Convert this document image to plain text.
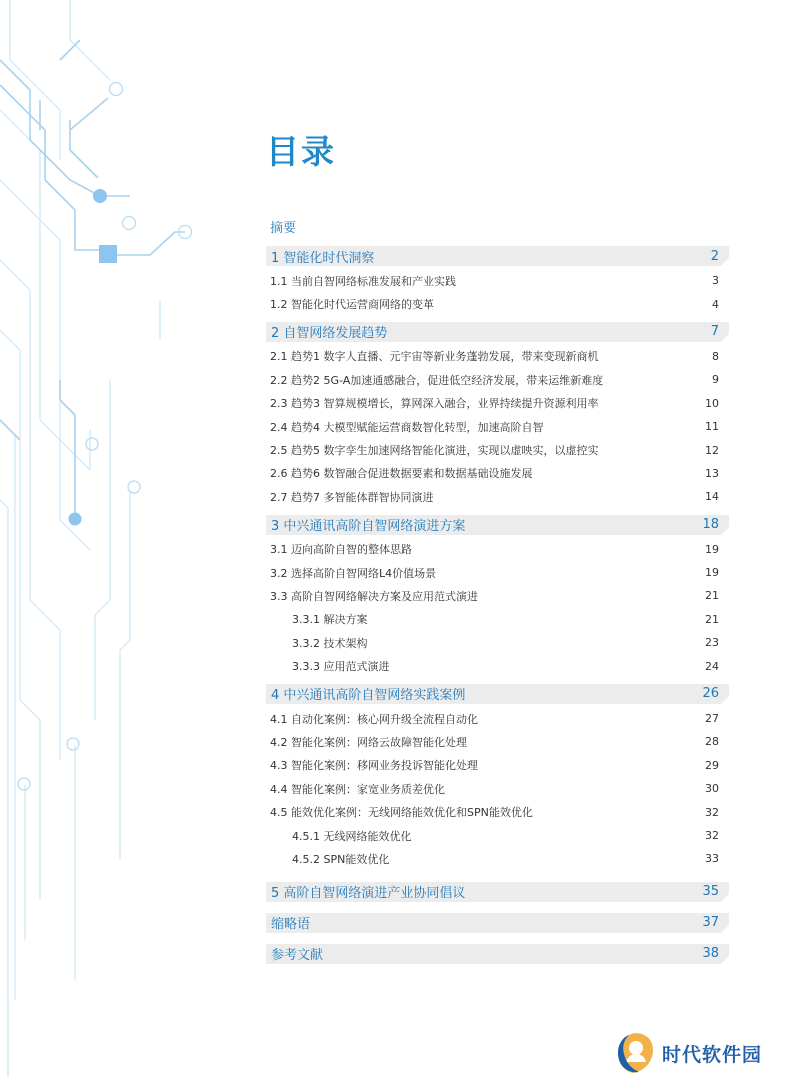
目录
摘要
1 智能化时代洞察	2
1.1 当前自智网络标准发展和产业实践	3
1.2 智能化时代运营商网络的变革	4
2 自智网络发展趋势	7
2.1 趋势1 数字人直播、元宇宙等新业务蓬勃发展，带来变现新商机	8
2.2 趋势2 5G-A加速通感融合，促进低空经济发展，带来运维新难度	9
2.3 趋势3 智算规模增长，算网深入融合，业界持续提升资源利用率	10
2.4 趋势4 大模型赋能运营商数智化转型，加速高阶自智	11
2.5 趋势5 数字孪生加速网络智能化演进，实现以虚映实，以虚控实	12
2.6 趋势6 数智融合促进数据要素和数据基础设施发展	13
2.7 趋势7 多智能体群智协同演进	14
3 中兴通讯高阶自智网络演进方案	18
3.1 迈向高阶自智的整体思路	19
3.2 选择高阶自智网络L4价值场景	19
3.3 高阶自智网络解决方案及应用范式演进	21
3.3.1 解决方案	21
3.3.2 技术架构	23
3.3.3 应用范式演进	24
4 中兴通讯高阶自智网络实践案例	26
4.1 自动化案例：核心网升级全流程自动化	27
4.2 智能化案例：网络云故障智能化处理	28
4.3 智能化案例：移网业务投诉智能化处理	29
4.4 智能化案例：家宽业务质差优化	30
4.5 能效优化案例：无线网络能效优化和SPN能效优化	32
4.5.1 无线网络能效优化	32
4.5.2 SPN能效优化	33
5 高阶自智网络演进产业协同倡议	35
缩略语	37
参考文献	38
时代软件园
